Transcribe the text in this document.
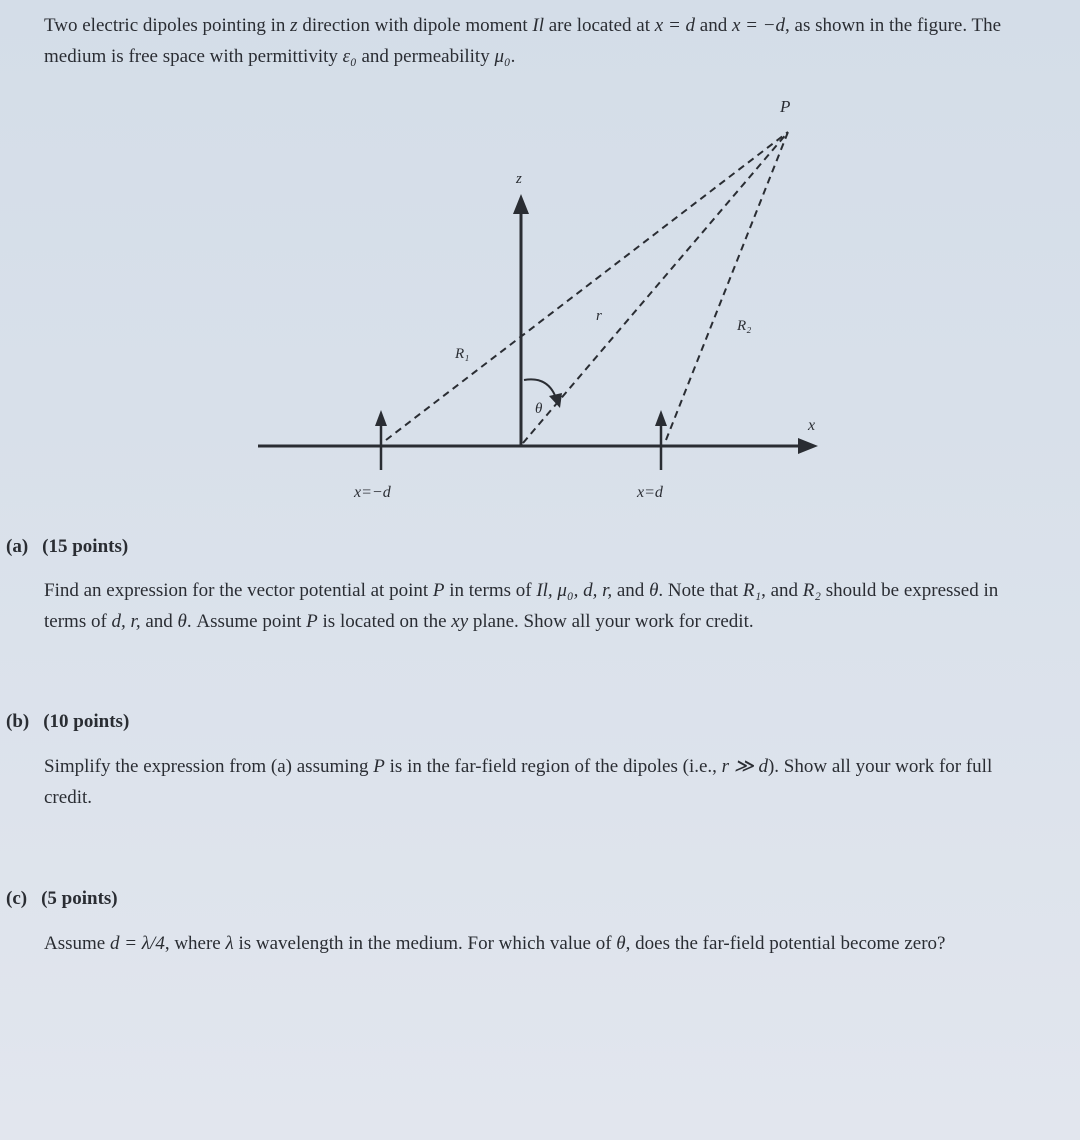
Two electric dipoles pointing in z direction with dipole moment Il are located at x = d and x = −d, as shown in the figure. The medium is free space with permittivity ε₀ and permeability μ₀.

P
z
x
r
R₁
R₂
θ
x=−d	x=d

(a) (15 points)

Find an expression for the vector potential at point P in terms of Il, μ₀, d, r, and θ. Note that R₁, and R₂ should be expressed in terms of d, r, and θ. Assume point P is located on the xy plane. Show all your work for credit.

(b) (10 points)

Simplify the expression from (a) assuming P is in the far-field region of the dipoles (i.e., r ≫ d). Show all your work for full credit.

(c) (5 points)

Assume d = λ/4, where λ is wavelength in the medium. For which value of θ, does the far-field potential become zero?
